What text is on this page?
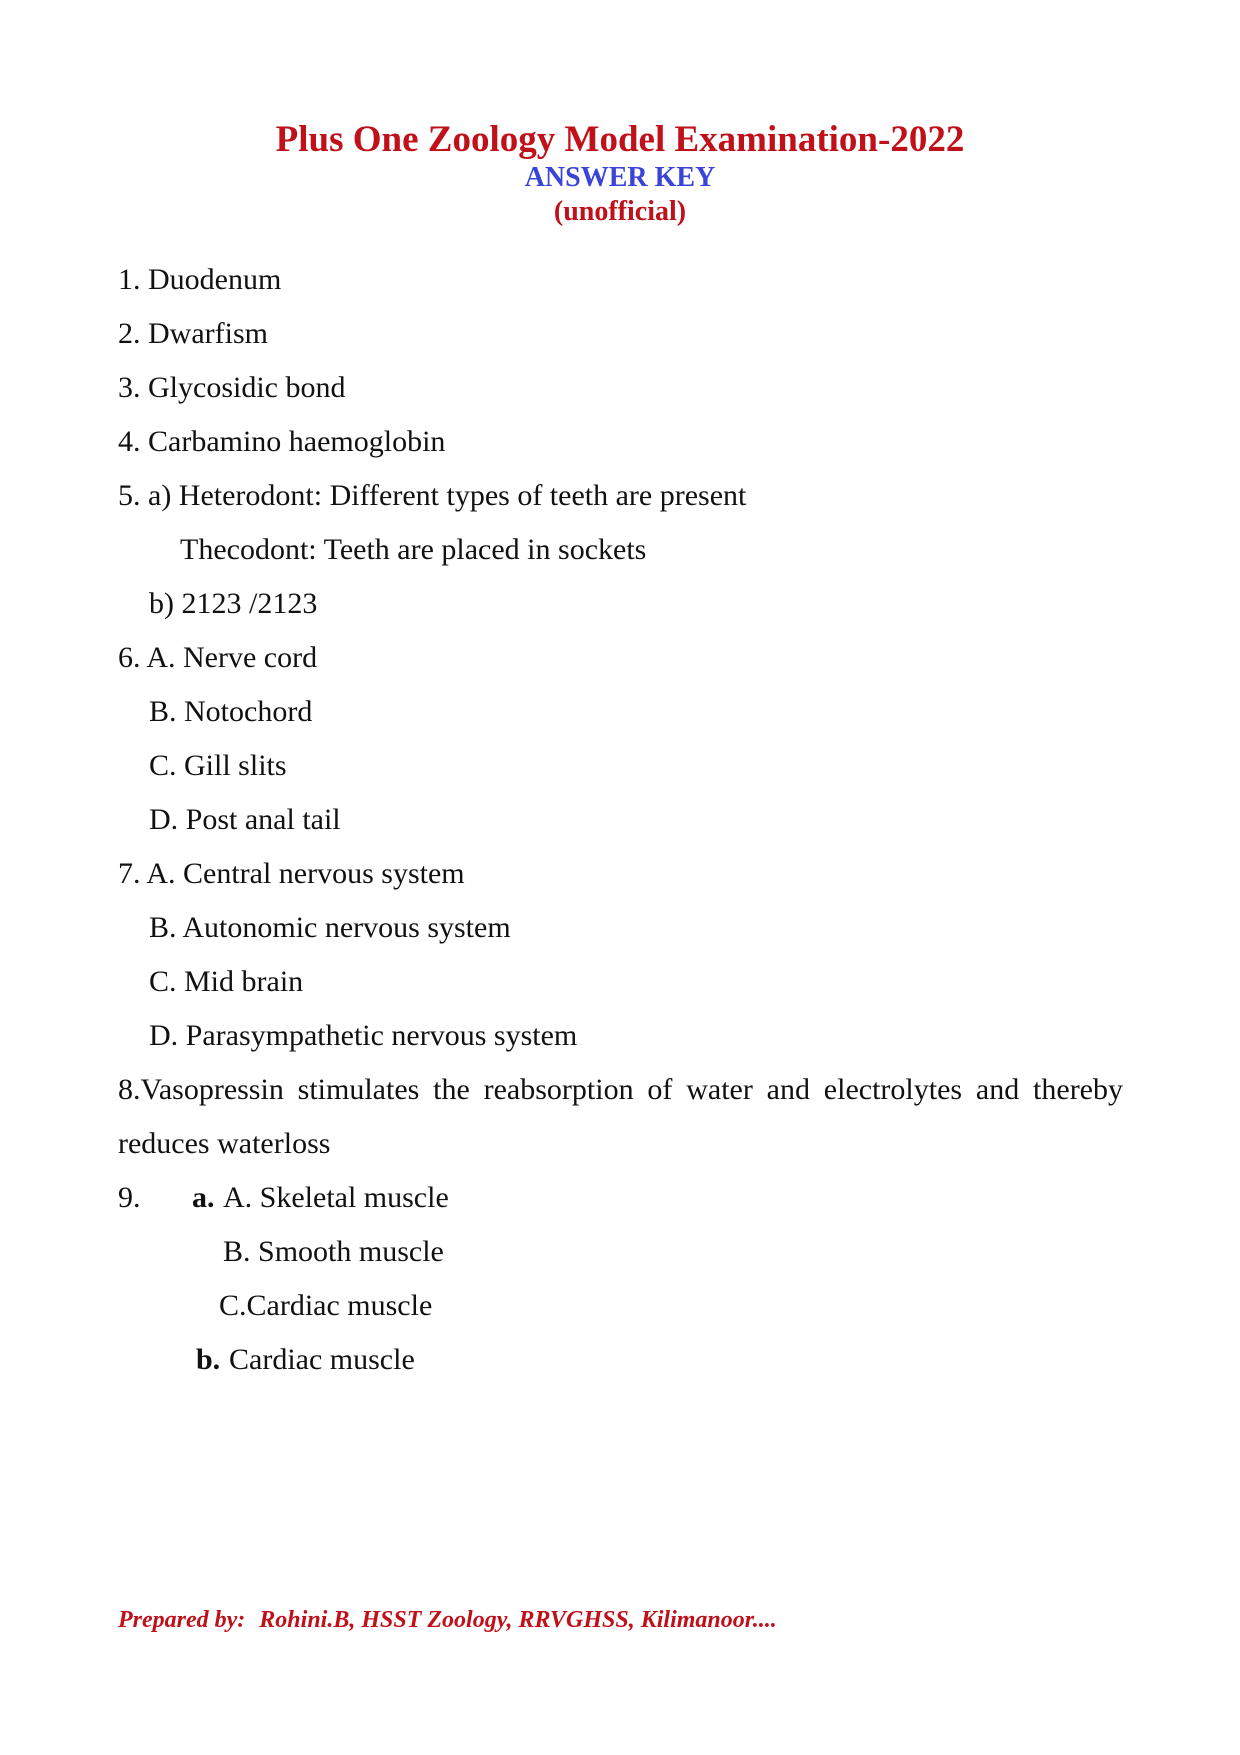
Plus One Zoology Model Examination-2022
ANSWER KEY
(unofficial)
1. Duodenum
2. Dwarfism
3. Glycosidic bond
4. Carbamino haemoglobin
5. a) Heterodont: Different types of teeth are present
Thecodont: Teeth are placed in sockets
b) 2123 /2123
6. A. Nerve cord
B. Notochord
C. Gill slits
D. Post anal tail
7. A. Central nervous system
B. Autonomic nervous system
C. Mid brain
D. Parasympathetic nervous system
8.Vasopressin stimulates the reabsorption of water and electrolytes and thereby
reduces waterloss
9. a. A. Skeletal muscle
B. Smooth muscle
C.Cardiac muscle
b. Cardiac muscle
Prepared by: Rohini.B, HSST Zoology, RRVGHSS, Kilimanoor....
